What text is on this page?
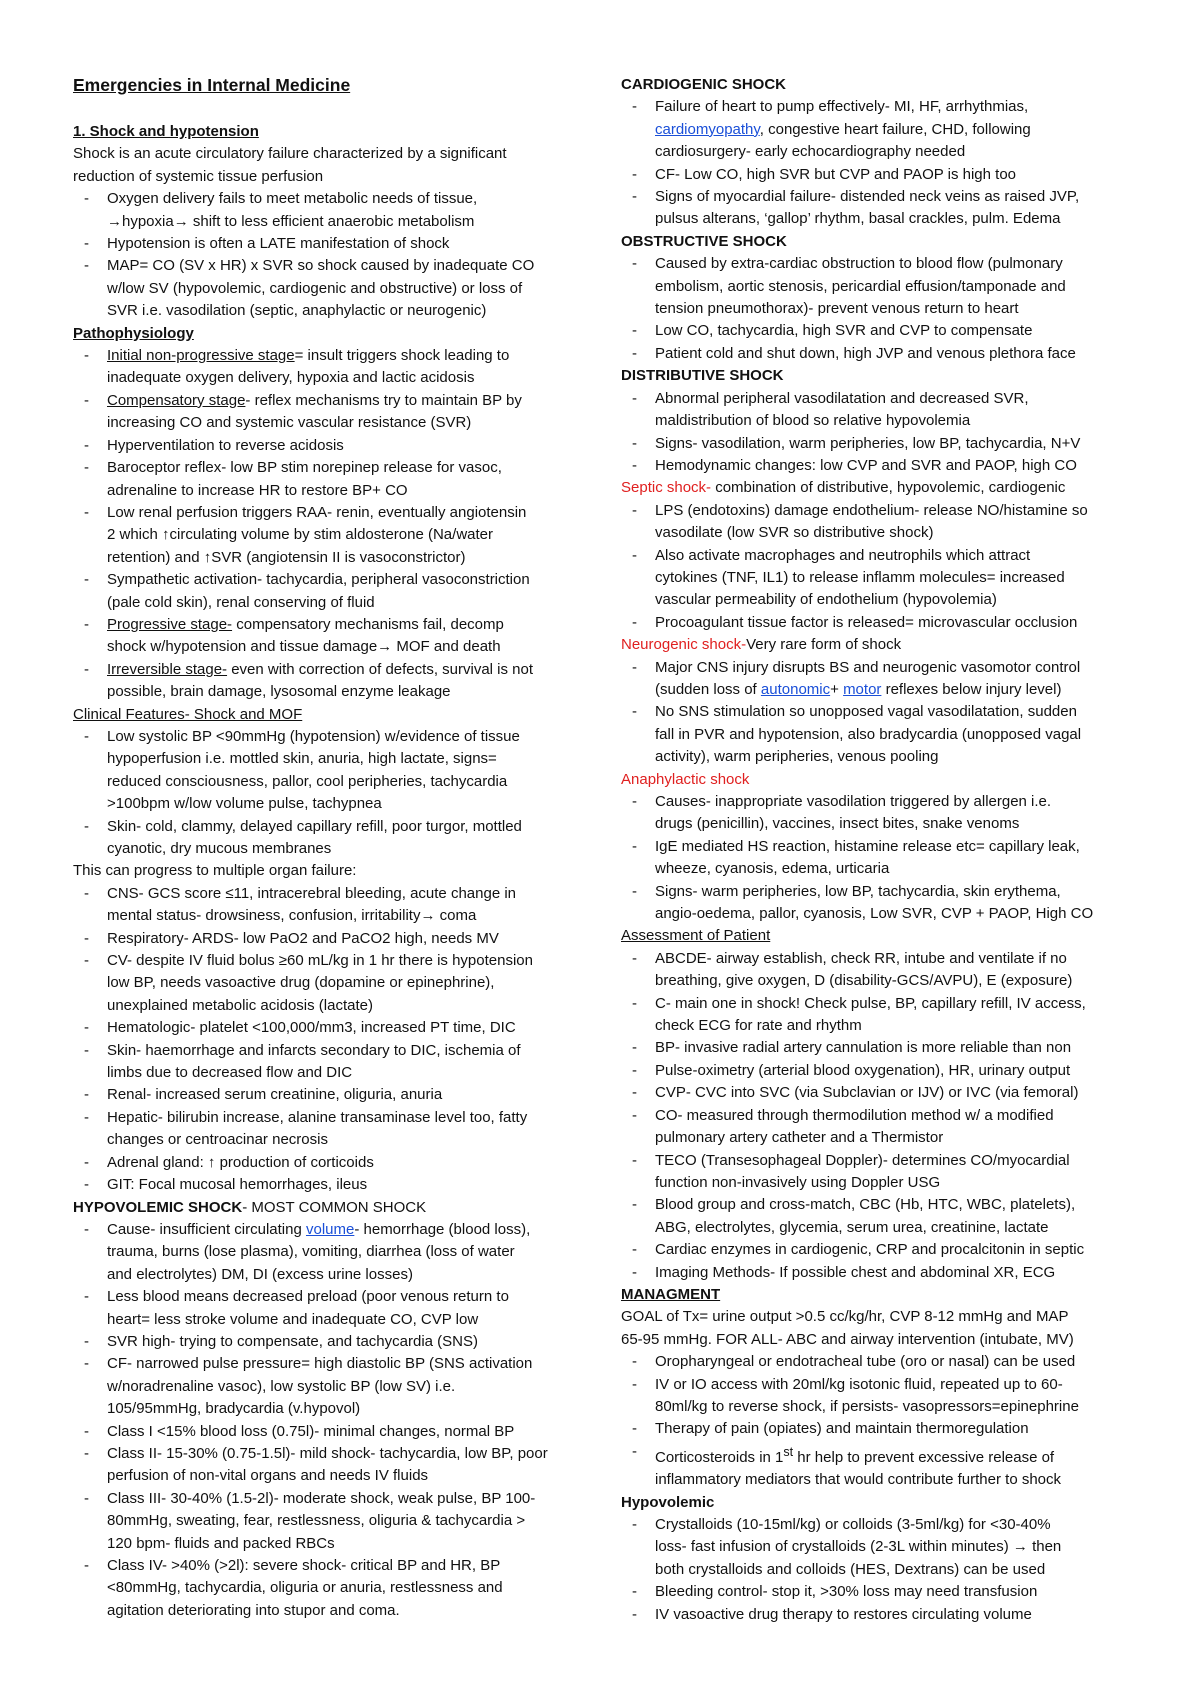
Emergencies in Internal Medicine
1. Shock and hypotension
Shock is an acute circulatory failure characterized by a significant
reduction of systemic tissue perfusion
- Oxygen delivery fails to meet metabolic needs of tissue,
→hypoxia→ shift to less efficient anaerobic metabolism
- Hypotension is often a LATE manifestation of shock
- MAP= CO (SV x HR) x SVR so shock caused by inadequate CO
w/low SV (hypovolemic, cardiogenic and obstructive) or loss of
SVR i.e. vasodilation (septic, anaphylactic or neurogenic)
Pathophysiology
- Initial non-progressive stage= insult triggers shock leading to
inadequate oxygen delivery, hypoxia and lactic acidosis
- Compensatory stage- reflex mechanisms try to maintain BP by
increasing CO and systemic vascular resistance (SVR)
- Hyperventilation to reverse acidosis
- Baroceptor reflex- low BP stim norepinep release for vasoc,
adrenaline to increase HR to restore BP+ CO
- Low renal perfusion triggers RAA- renin, eventually angiotensin
2 which ↑circulating volume by stim aldosterone (Na/water
retention) and ↑SVR (angiotensin II is vasoconstrictor)
- Sympathetic activation- tachycardia, peripheral vasoconstriction
(pale cold skin), renal conserving of fluid
- Progressive stage- compensatory mechanisms fail, decomp
shock w/hypotension and tissue damage→ MOF and death
- Irreversible stage- even with correction of defects, survival is not
possible, brain damage, lysosomal enzyme leakage
Clinical Features- Shock and MOF
- Low systolic BP <90mmHg (hypotension) w/evidence of tissue
hypoperfusion i.e. mottled skin, anuria, high lactate, signs=
reduced consciousness, pallor, cool peripheries, tachycardia
>100bpm w/low volume pulse, tachypnea
- Skin- cold, clammy, delayed capillary refill, poor turgor, mottled
cyanotic, dry mucous membranes
This can progress to multiple organ failure:
- CNS- GCS score ≤11, intracerebral bleeding, acute change in
mental status- drowsiness, confusion, irritability→ coma
- Respiratory- ARDS- low PaO2 and PaCO2 high, needs MV
- CV- despite IV fluid bolus ≥60 mL/kg in 1 hr there is hypotension
low BP, needs vasoactive drug (dopamine or epinephrine),
unexplained metabolic acidosis (lactate)
- Hematologic- platelet <100,000/mm3, increased PT time, DIC
- Skin- haemorrhage and infarcts secondary to DIC, ischemia of
limbs due to decreased flow and DIC
- Renal- increased serum creatinine, oliguria, anuria
- Hepatic- bilirubin increase, alanine transaminase level too, fatty
changes or centroacinar necrosis
- Adrenal gland: ↑ production of corticoids
- GIT: Focal mucosal hemorrhages, ileus
HYPOVOLEMIC SHOCK- MOST COMMON SHOCK
- Cause- insufficient circulating volume- hemorrhage (blood loss),
trauma, burns (lose plasma), vomiting, diarrhea (loss of water
and electrolytes) DM, DI (excess urine losses)
- Less blood means decreased preload (poor venous return to
heart= less stroke volume and inadequate CO, CVP low
- SVR high- trying to compensate, and tachycardia (SNS)
- CF- narrowed pulse pressure= high diastolic BP (SNS activation
w/noradrenaline vasoc), low systolic BP (low SV) i.e.
105/95mmHg, bradycardia (v.hypovol)
- Class I <15% blood loss (0.75l)- minimal changes, normal BP
- Class II- 15-30% (0.75-1.5l)- mild shock- tachycardia, low BP, poor
perfusion of non-vital organs and needs IV fluids
- Class III- 30-40% (1.5-2l)- moderate shock, weak pulse, BP 100-
80mmHg, sweating, fear, restlessness, oliguria & tachycardia >
120 bpm- fluids and packed RBCs
- Class IV- >40% (>2l): severe shock- critical BP and HR, BP
<80mmHg, tachycardia, oliguria or anuria, restlessness and
agitation deteriorating into stupor and coma.
CARDIOGENIC SHOCK
- Failure of heart to pump effectively- MI, HF, arrhythmias,
cardiomyopathy, congestive heart failure, CHD, following
cardiosurgery- early echocardiography needed
- CF- Low CO, high SVR but CVP and PAOP is high too
- Signs of myocardial failure- distended neck veins as raised JVP,
pulsus alterans, ‘gallop’ rhythm, basal crackles, pulm. Edema
OBSTRUCTIVE SHOCK
- Caused by extra-cardiac obstruction to blood flow (pulmonary
embolism, aortic stenosis, pericardial effusion/tamponade and
tension pneumothorax)- prevent venous return to heart
- Low CO, tachycardia, high SVR and CVP to compensate
- Patient cold and shut down, high JVP and venous plethora face
DISTRIBUTIVE SHOCK
- Abnormal peripheral vasodilatation and decreased SVR,
maldistribution of blood so relative hypovolemia
- Signs- vasodilation, warm peripheries, low BP, tachycardia, N+V
- Hemodynamic changes: low CVP and SVR and PAOP, high CO
Septic shock- combination of distributive, hypovolemic, cardiogenic
- LPS (endotoxins) damage endothelium- release NO/histamine so
vasodilate (low SVR so distributive shock)
- Also activate macrophages and neutrophils which attract
cytokines (TNF, IL1) to release inflamm molecules= increased
vascular permeability of endothelium (hypovolemia)
- Procoagulant tissue factor is released= microvascular occlusion
Neurogenic shock-Very rare form of shock
- Major CNS injury disrupts BS and neurogenic vasomotor control
(sudden loss of autonomic+ motor reflexes below injury level)
- No SNS stimulation so unopposed vagal vasodilatation, sudden
fall in PVR and hypotension, also bradycardia (unopposed vagal
activity), warm peripheries, venous pooling
Anaphylactic shock
- Causes- inappropriate vasodilation triggered by allergen i.e.
drugs (penicillin), vaccines, insect bites, snake venoms
- IgE mediated HS reaction, histamine release etc= capillary leak,
wheeze, cyanosis, edema, urticaria
- Signs- warm peripheries, low BP, tachycardia, skin erythema,
angio-oedema, pallor, cyanosis, Low SVR, CVP + PAOP, High CO
Assessment of Patient
- ABCDE- airway establish, check RR, intube and ventilate if no
breathing, give oxygen, D (disability-GCS/AVPU), E (exposure)
- C- main one in shock! Check pulse, BP, capillary refill, IV access,
check ECG for rate and rhythm
- BP- invasive radial artery cannulation is more reliable than non
- Pulse-oximetry (arterial blood oxygenation), HR, urinary output
- CVP- CVC into SVC (via Subclavian or IJV) or IVC (via femoral)
- CO- measured through thermodilution method w/ a modified
pulmonary artery catheter and a Thermistor
- TECO (Transesophageal Doppler)- determines CO/myocardial
function non-invasively using Doppler USG
- Blood group and cross-match, CBC (Hb, HTC, WBC, platelets),
ABG, electrolytes, glycemia, serum urea, creatinine, lactate
- Cardiac enzymes in cardiogenic, CRP and procalcitonin in septic
- Imaging Methods- If possible chest and abdominal XR, ECG
MANAGMENT
GOAL of Tx= urine output >0.5 cc/kg/hr, CVP 8-12 mmHg and MAP
65-95 mmHg. FOR ALL- ABC and airway intervention (intubate, MV)
- Oropharyngeal or endotracheal tube (oro or nasal) can be used
- IV or IO access with 20ml/kg isotonic fluid, repeated up to 60-
80ml/kg to reverse shock, if persists- vasopressors=epinephrine
- Therapy of pain (opiates) and maintain thermoregulation
- Corticosteroids in 1st hr help to prevent excessive release of
inflammatory mediators that would contribute further to shock
Hypovolemic
- Crystalloids (10-15ml/kg) or colloids (3-5ml/kg) for <30-40%
loss- fast infusion of crystalloids (2-3L within minutes) → then
both crystalloids and colloids (HES, Dextrans) can be used
- Bleeding control- stop it, >30% loss may need transfusion
- IV vasoactive drug therapy to restores circulating volume
